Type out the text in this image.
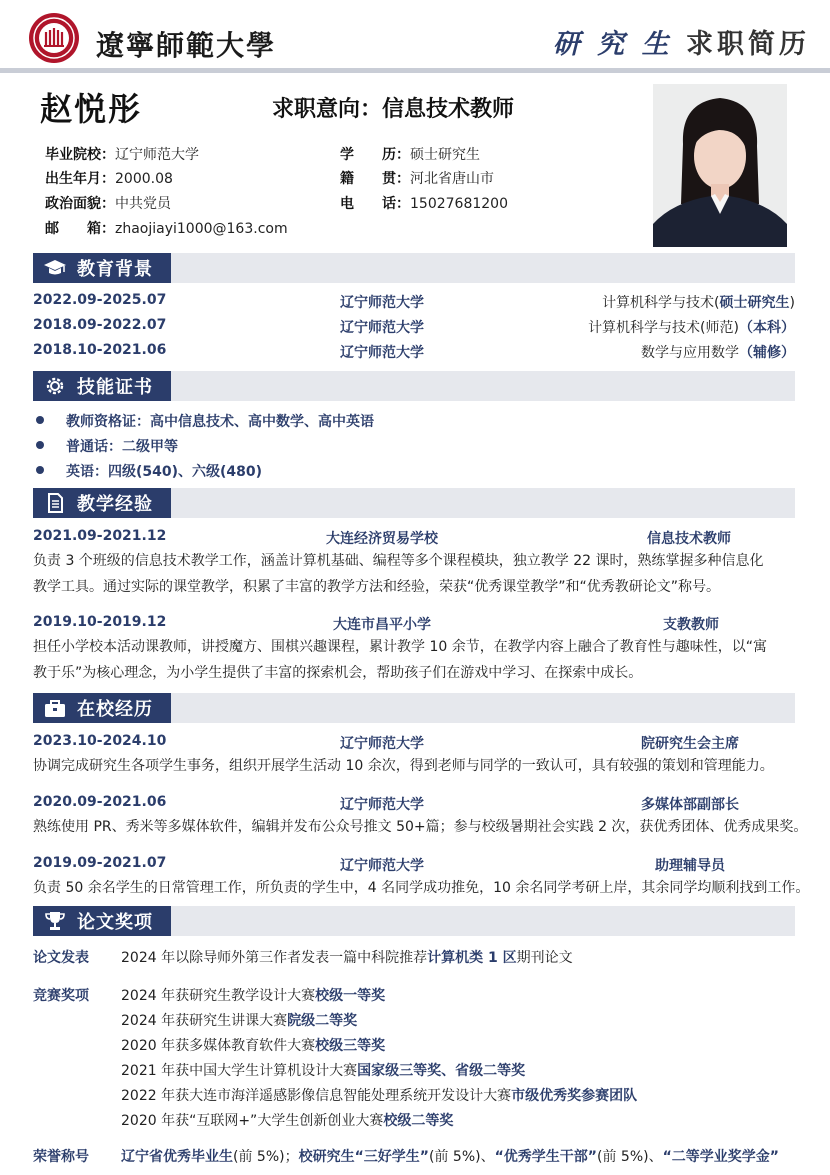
遼寧師範大學	研 究 生 求职简历
赵悦彤	求职意向：信息技术教师
毕业院校：辽宁师范大学
出生年月：2000.08
政治面貌：中共党员
邮　　箱：zhaojiayi1000@163.com
学　　历：硕士研究生
籍　　贯：河北省唐山市
电　　话：15027681200
教育背景
2022.09-2025.07	辽宁师范大学	计算机科学与技术(硕士研究生)
2018.09-2022.07	辽宁师范大学	计算机科学与技术(师范)（本科）
2018.10-2021.06	辽宁师范大学	数学与应用数学（辅修）
技能证书
教师资格证：高中信息技术、高中数学、高中英语
普通话：二级甲等
英语：四级(540)、六级(480)
教学经验
2021.09-2021.12	大连经济贸易学校	信息技术教师
负责 3 个班级的信息技术教学工作，涵盖计算机基础、编程等多个课程模块，独立教学 22 课时，熟练掌握多种信息化
教学工具。通过实际的课堂教学，积累了丰富的教学方法和经验，荣获“优秀课堂教学”和“优秀教研论文”称号。
2019.10-2019.12	大连市昌平小学	支教教师
担任小学校本活动课教师，讲授魔方、围棋兴趣课程，累计教学 10 余节，在教学内容上融合了教育性与趣味性，以“寓
教于乐”为核心理念，为小学生提供了丰富的探索机会，帮助孩子们在游戏中学习、在探索中成长。
在校经历
2023.10-2024.10	辽宁师范大学	院研究生会主席
协调完成研究生各项学生事务，组织开展学生活动 10 余次，得到老师与同学的一致认可，具有较强的策划和管理能力。
2020.09-2021.06	辽宁师范大学	多媒体部副部长
熟练使用 PR、秀米等多媒体软件，编辑并发布公众号推文 50+篇；参与校级暑期社会实践 2 次，获优秀团体、优秀成果奖。
2019.09-2021.07	辽宁师范大学	助理辅导员
负责 50 余名学生的日常管理工作，所负责的学生中，4 名同学成功推免，10 余名同学考研上岸，其余同学均顺利找到工作。
论文奖项
论文发表 2024 年以除导师外第三作者发表一篇中科院推荐计算机类 1 区期刊论文
竞赛奖项 2024 年获研究生教学设计大赛校级一等奖
2024 年获研究生讲课大赛院级二等奖
2020 年获多媒体教育软件大赛校级三等奖
2021 年获中国大学生计算机设计大赛国家级三等奖、省级二等奖
2022 年获大连市海洋遥感影像信息智能处理系统开发设计大赛市级优秀奖参赛团队
2020 年获“互联网+”大学生创新创业大赛校级二等奖
荣誉称号 辽宁省优秀毕业生(前 5%)；校研究生“三好学生”(前 5%)、“优秀学生干部”(前 5%)、“二等学业奖学金”
